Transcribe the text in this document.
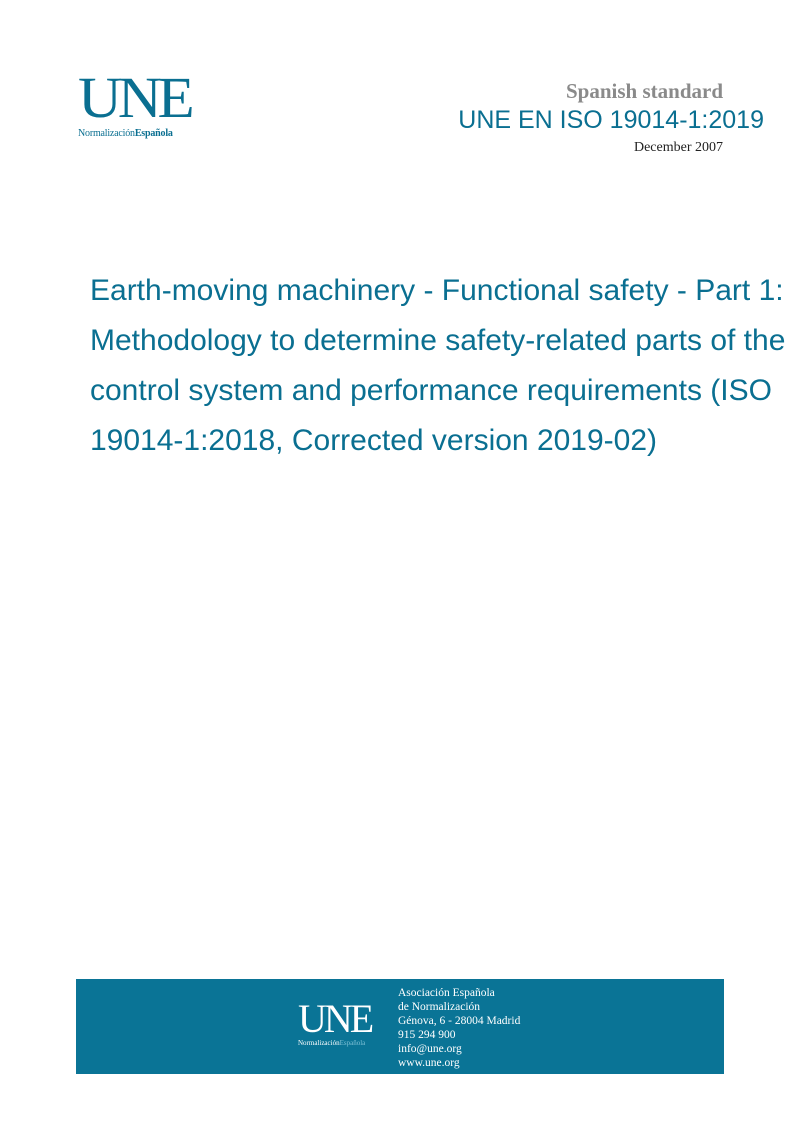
UNE
NormalizaciónEspañola
Spanish standard
UNE EN ISO 19014-1:2019
December 2007
Earth-moving machinery - Functional safety - Part 1: Methodology to determine safety-related parts of the control system and performance requirements (ISO 19014-1:2018, Corrected version 2019-02)
UNE
NormalizaciónEspañola
Asociación Española
de Normalización
Génova, 6 - 28004 Madrid
915 294 900
info@une.org
www.une.org
